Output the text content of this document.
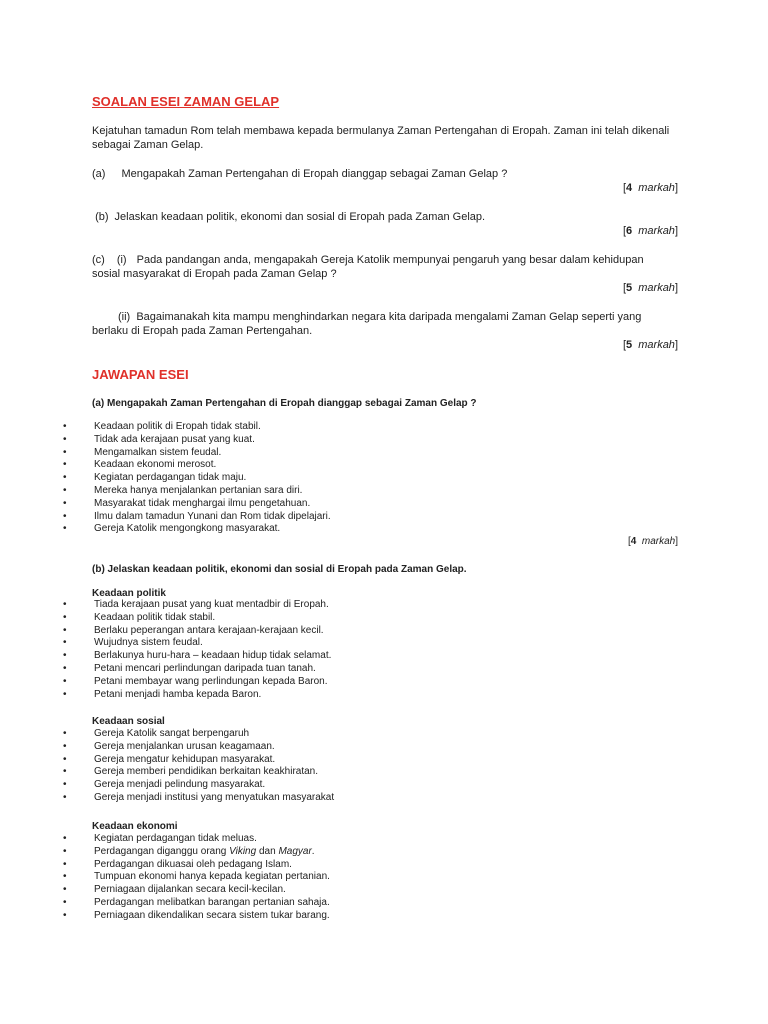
SOALAN ESEI ZAMAN GELAP
Kejatuhan tamadun Rom telah membawa kepada bermulanya Zaman Pertengahan di Eropah. Zaman ini telah dikenali sebagai Zaman Gelap.
(a) Mengapakah Zaman Pertengahan di Eropah dianggap sebagai Zaman Gelap ?
[4 markah]
(b) Jelaskan keadaan politik, ekonomi dan sosial di Eropah pada Zaman Gelap.
[6 markah]
(c) (i) Pada pandangan anda, mengapakah Gereja Katolik mempunyai pengaruh yang besar dalam kehidupan
sosial masyarakat di Eropah pada Zaman Gelap ?
[5 markah]
(ii) Bagaimanakah kita mampu menghindarkan negara kita daripada mengalami Zaman Gelap seperti yang
berlaku di Eropah pada Zaman Pertengahan.
[5 markah]
JAWAPAN ESEI
(a) Mengapakah Zaman Pertengahan di Eropah dianggap sebagai Zaman Gelap ?
• Keadaan politik di Eropah tidak stabil.
• Tidak ada kerajaan pusat yang kuat.
• Mengamalkan sistem feudal.
• Keadaan ekonomi merosot.
• Kegiatan perdagangan tidak maju.
• Mereka hanya menjalankan pertanian sara diri.
• Masyarakat tidak menghargai ilmu pengetahuan.
• Ilmu dalam tamadun Yunani dan Rom tidak dipelajari.
• Gereja Katolik mengongkong masyarakat.
[4 markah]
(b) Jelaskan keadaan politik, ekonomi dan sosial di Eropah pada Zaman Gelap.
Keadaan politik
• Tiada kerajaan pusat yang kuat mentadbir di Eropah.
• Keadaan politik tidak stabil.
• Berlaku peperangan antara kerajaan-kerajaan kecil.
• Wujudnya sistem feudal.
• Berlakunya huru-hara – keadaan hidup tidak selamat.
• Petani mencari perlindungan daripada tuan tanah.
• Petani membayar wang perlindungan kepada Baron.
• Petani menjadi hamba kepada Baron.
Keadaan sosial
• Gereja Katolik sangat berpengaruh
• Gereja menjalankan urusan keagamaan.
• Gereja mengatur kehidupan masyarakat.
• Gereja memberi pendidikan berkaitan keakhiratan.
• Gereja menjadi pelindung masyarakat.
• Gereja menjadi institusi yang menyatukan masyarakat
Keadaan ekonomi
• Kegiatan perdagangan tidak meluas.
• Perdagangan diganggu orang Viking dan Magyar.
• Perdagangan dikuasai oleh pedagang Islam.
• Tumpuan ekonomi hanya kepada kegiatan pertanian.
• Perniagaan dijalankan secara kecil-kecilan.
• Perdagangan melibatkan barangan pertanian sahaja.
• Perniagaan dikendalikan secara sistem tukar barang.
